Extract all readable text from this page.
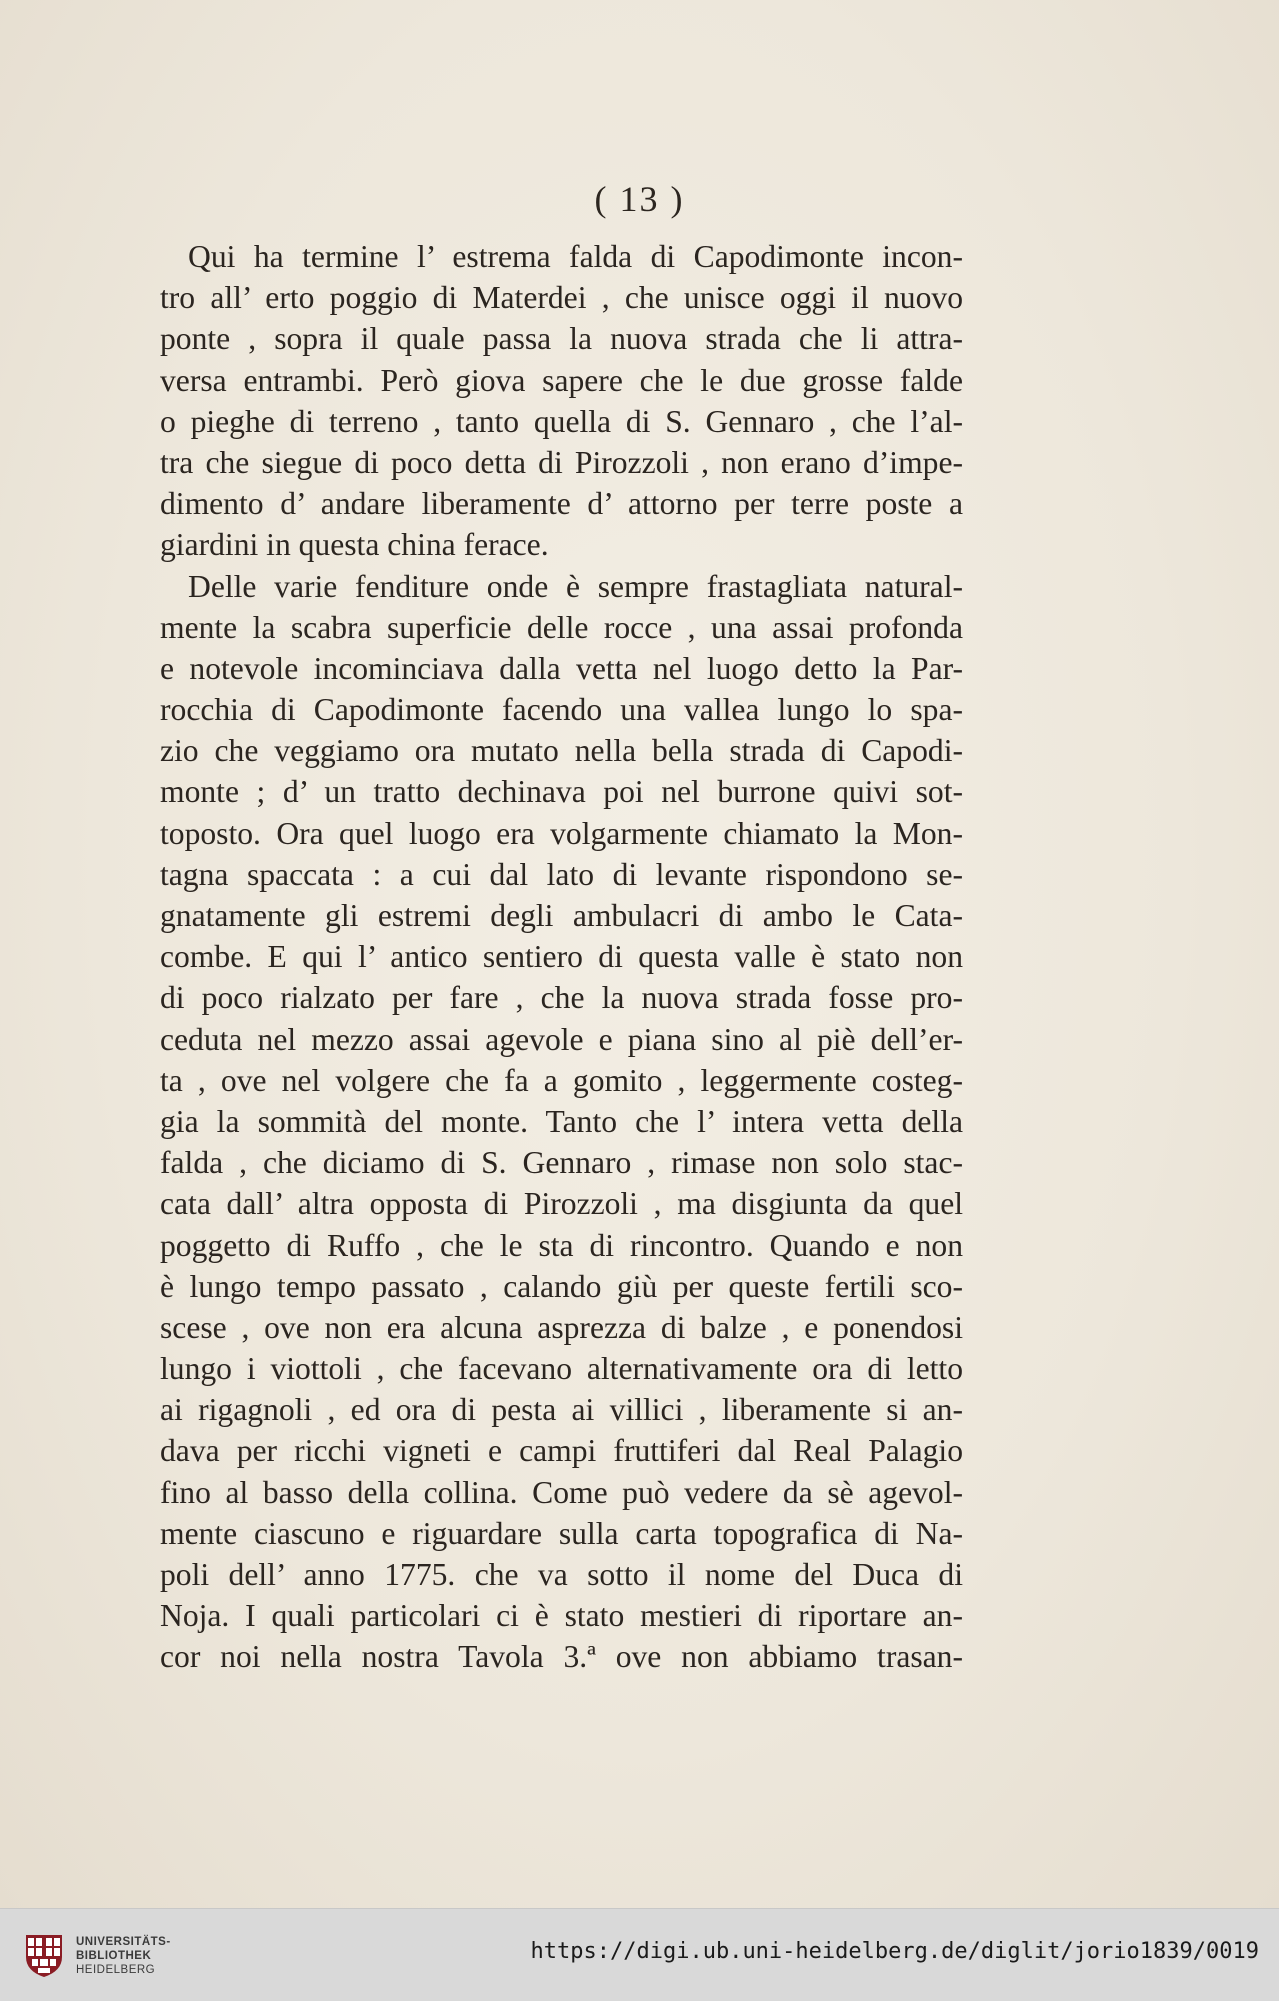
( 13 )
Qui ha termine l’ estrema falda di Capodimonte incon-
tro all’ erto poggio di Materdei , che unisce oggi il nuovo
ponte , sopra il quale passa la nuova strada che li attra-
versa entrambi. Però giova sapere che le due grosse falde
o pieghe di terreno , tanto quella di S. Gennaro , che l’al-
tra che siegue di poco detta di Pirozzoli , non erano d’impe-
dimento d’ andare liberamente d’ attorno per terre poste a
giardini in questa china ferace.
Delle varie fenditure onde è sempre frastagliata natural-
mente la scabra superficie delle rocce , una assai profonda
e notevole incominciava dalla vetta nel luogo detto la Par-
rocchia di Capodimonte facendo una vallea lungo lo spa-
zio che veggiamo ora mutato nella bella strada di Capodi-
monte ; d’ un tratto dechinava poi nel burrone quivi sot-
toposto. Ora quel luogo era volgarmente chiamato la Mon-
tagna spaccata : a cui dal lato di levante rispondono se-
gnatamente gli estremi degli ambulacri di ambo le Cata-
combe. E qui l’ antico sentiero di questa valle è stato non
di poco rialzato per fare , che la nuova strada fosse pro-
ceduta nel mezzo assai agevole e piana sino al piè dell’er-
ta , ove nel volgere che fa a gomito , leggermente costeg-
gia la sommità del monte. Tanto che l’ intera vetta della
falda , che diciamo di S. Gennaro , rimase non solo stac-
cata dall’ altra opposta di Pirozzoli , ma disgiunta da quel
poggetto di Ruffo , che le sta di rincontro. Quando e non
è lungo tempo passato , calando giù per queste fertili sco-
scese , ove non era alcuna asprezza di balze , e ponendosi
lungo i viottoli , che facevano alternativamente ora di letto
ai rigagnoli , ed ora di pesta ai villici , liberamente si an-
dava per ricchi vigneti e campi fruttiferi dal Real Palagio
fino al basso della collina. Come può vedere da sè agevol-
mente ciascuno e riguardare sulla carta topografica di Na-
poli dell’ anno 1775. che va sotto il nome del Duca di
Noja. I quali particolari ci è stato mestieri di riportare an-
cor noi nella nostra Tavola 3.ª ove non abbiamo trasan-
UNIVERSITÄTS-
BIBLIOTHEK
HEIDELBERG
https://digi.ub.uni-heidelberg.de/diglit/jorio1839/0019
